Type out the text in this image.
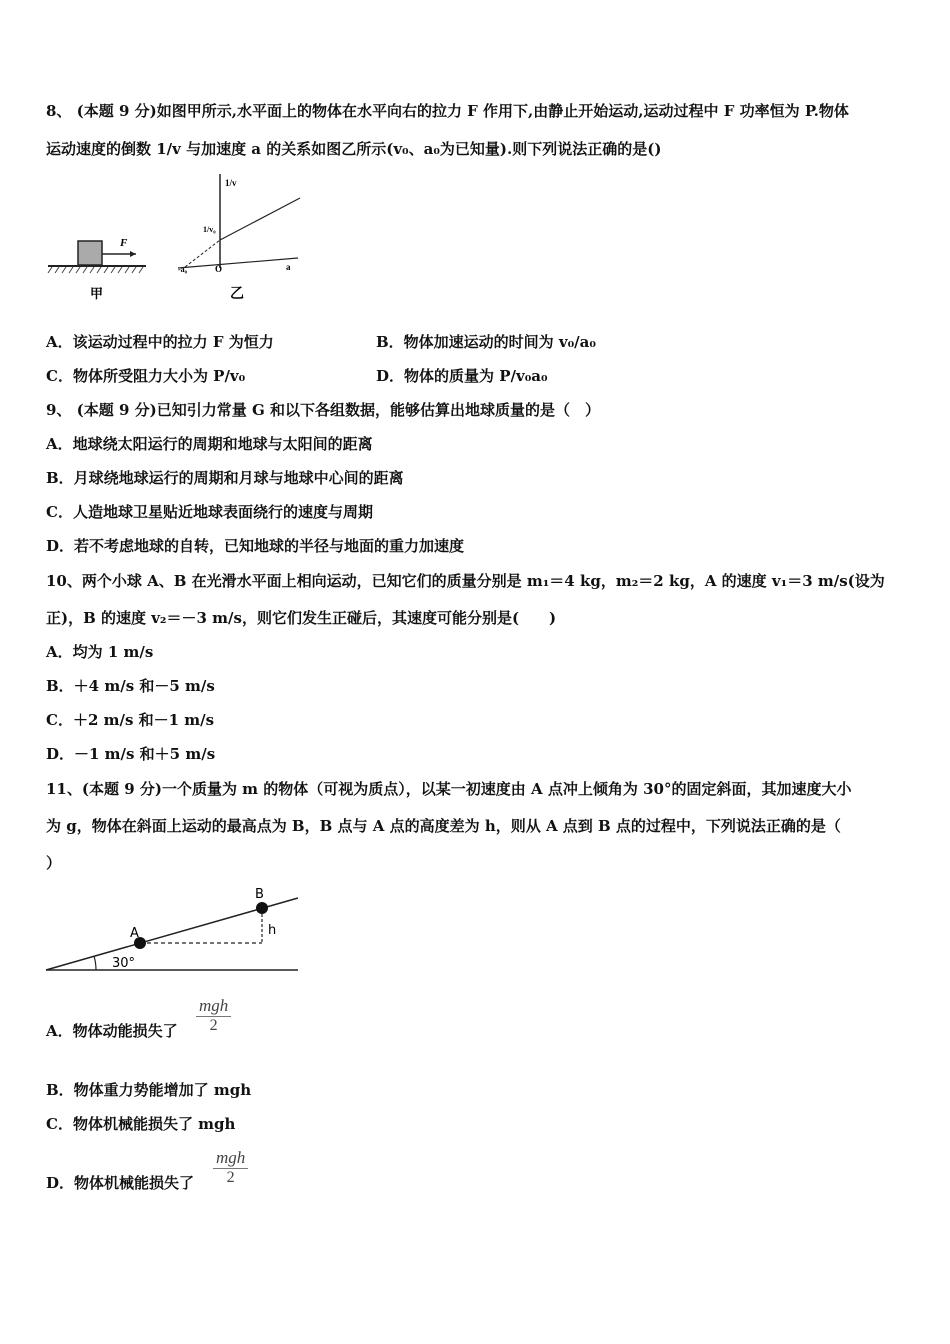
8、 (本题 9 分)如图甲所示,水平面上的物体在水平向右的拉力 F 作用下,由静止开始运动,运动过程中 F 功率恒为 P.物体
运动速度的倒数 1/v 与加速度 a 的关系如图乙所示(v₀、a₀为已知量).则下列说法正确的是()
F
甲
1/v
1/v₀
-a₀	O	a
乙
A．该运动过程中的拉力 F 为恒力	B．物体加速运动的时间为 v₀/a₀
C．物体所受阻力大小为 P/v₀	D．物体的质量为 P/v₀a₀
9、 (本题 9 分)已知引力常量 G 和以下各组数据，能够估算出地球质量的是（　）
A．地球绕太阳运行的周期和地球与太阳间的距离
B．月球绕地球运行的周期和月球与地球中心间的距离
C．人造地球卫星贴近地球表面绕行的速度与周期
D．若不考虑地球的自转，已知地球的半径与地面的重力加速度
10、两个小球 A、B 在光滑水平面上相向运动，已知它们的质量分别是 m₁＝4 kg，m₂＝2 kg，A 的速度 v₁＝3 m/s(设为
正)，B 的速度 v₂＝－3 m/s，则它们发生正碰后，其速度可能分别是(　　)
A．均为 1 m/s
B．＋4 m/s 和－5 m/s
C．＋2 m/s 和－1 m/s
D．－1 m/s 和＋5 m/s
11、(本题 9 分)一个质量为 m 的物体（可视为质点），以某一初速度由 A 点冲上倾角为 30°的固定斜面，其加速度大小
为 g，物体在斜面上运动的最高点为 B，B 点与 A 点的高度差为 h，则从 A 点到 B 点的过程中，下列说法正确的是（
）
A
B
h
30°
A．物体动能损失了
mgh
2
B．物体重力势能增加了 mgh
C．物体机械能损失了 mgh
D．物体机械能损失了
mgh
2
